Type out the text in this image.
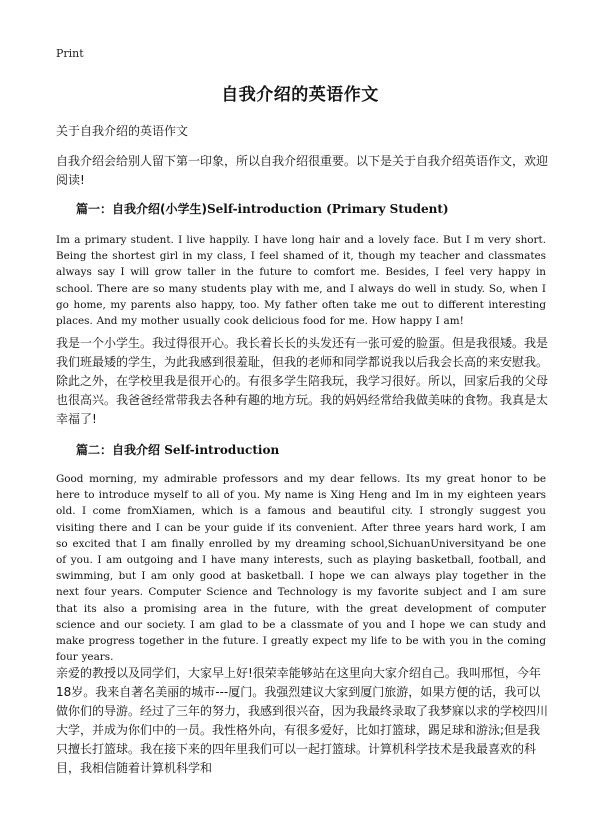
Print
自我介绍的英语作文
关于自我介绍的英语作文

自我介绍会给别人留下第一印象，所以自我介绍很重要。以下是关于自我介绍英语作文，欢迎阅读!

篇一：自我介绍(小学生)Self-introduction (Primary Student)

Im a primary student. I live happily. I have long hair and a lovely face. But I m very short. Being the shortest girl in my class, I feel shamed of it, though my teacher and classmates always say I will grow taller in the future to comfort me. Besides, I feel very happy in school. There are so many students play with me, and I always do well in study. So, when I go home, my parents also happy, too. My father often take me out to different interesting places. And my mother usually cook delicious food for me. How happy I am!

我是一个小学生。我过得很开心。我长着长长的头发还有一张可爱的脸蛋。但是我很矮。我是我们班最矮的学生，为此我感到很羞耻，但我的老师和同学都说我以后我会长高的来安慰我。除此之外，在学校里我是很开心的。有很多学生陪我玩，我学习很好。所以，回家后我的父母也很高兴。我爸爸经常带我去各种有趣的地方玩。我的妈妈经常给我做美味的食物。我真是太幸福了!

篇二：自我介绍 Self-introduction

Good morning, my admirable professors and my dear fellows. Its my great honor to be here to introduce myself to all of you. My name is Xing Heng and Im in my eighteen years old. I come fromXiamen, which is a famous and beautiful city. I strongly suggest you visiting there and I can be your guide if its convenient. After three years hard work, I am so excited that I am finally enrolled by my dreaming school,SichuanUniversityand be one of you. I am outgoing and I have many interests, such as playing basketball, football, and swimming, but I am only good at basketball. I hope we can always play together in the next four years. Computer Science and Technology is my favorite subject and I am sure that its also a promising area in the future, with the great development of computer science and our society. I am glad to be a classmate of you and I hope we can study and make progress together in the future. I greatly expect my life to be with you in the coming four years.

亲爱的教授以及同学们，大家早上好!很荣幸能够站在这里向大家介绍自己。我叫邢恒，今年18岁。我来自著名美丽的城市---厦门。我强烈建议大家到厦门旅游，如果方便的话，我可以做你们的导游。经过了三年的努力，我感到很兴奋，因为我最终录取了我梦寐以求的学校四川大学，并成为你们中的一员。我性格外向，有很多爱好，比如打篮球，踢足球和游泳;但是我只擅长打篮球。我在接下来的四年里我们可以一起打篮球。计算机科学技术是我最喜欢的科目，我相信随着计算机科学和
